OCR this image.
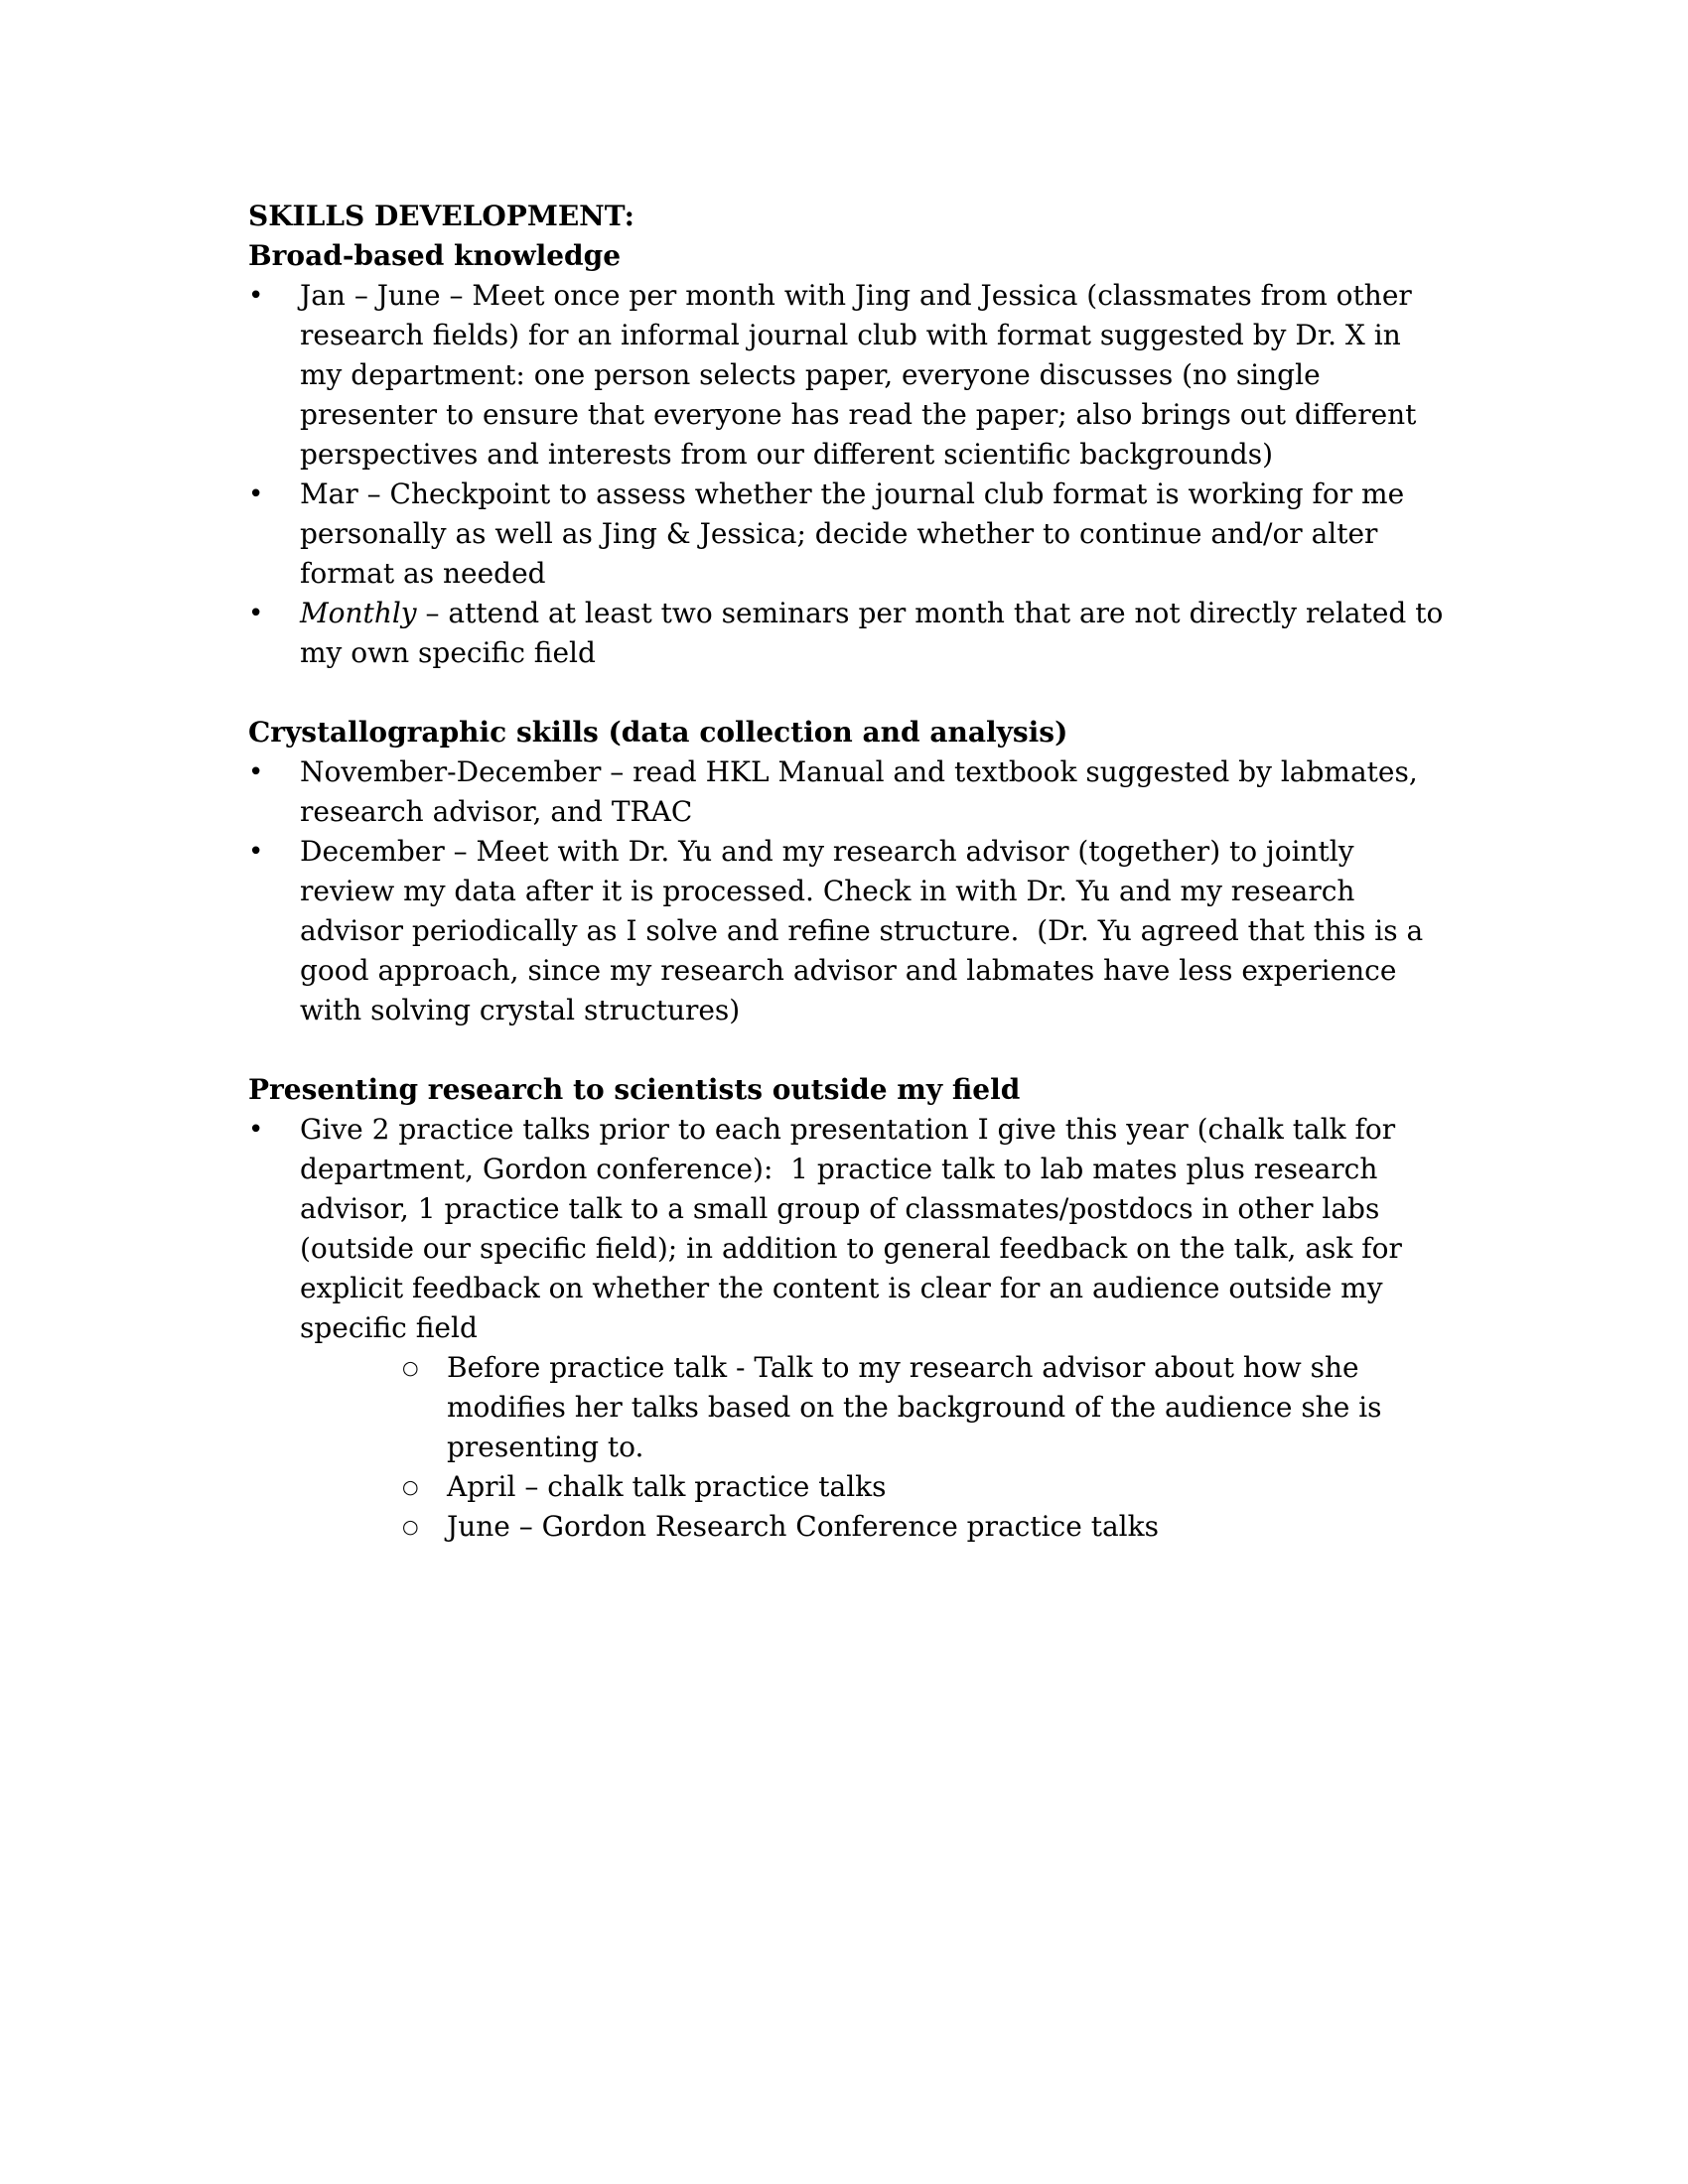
SKILLS DEVELOPMENT:
Broad-based knowledge
•	Jan – June – Meet once per month with Jing and Jessica (classmates from other
research fields) for an informal journal club with format suggested by Dr. X in
my department: one person selects paper, everyone discusses (no single
presenter to ensure that everyone has read the paper; also brings out different
perspectives and interests from our different scientific backgrounds)
•	Mar – Checkpoint to assess whether the journal club format is working for me
personally as well as Jing & Jessica; decide whether to continue and/or alter
format as needed
•	Monthly – attend at least two seminars per month that are not directly related to
my own specific field
Crystallographic skills (data collection and analysis)
•	November-December – read HKL Manual and textbook suggested by labmates,
research advisor, and TRAC
•	December – Meet with Dr. Yu and my research advisor (together) to jointly
review my data after it is processed. Check in with Dr. Yu and my research
advisor periodically as I solve and refine structure.  (Dr. Yu agreed that this is a
good approach, since my research advisor and labmates have less experience
with solving crystal structures)
Presenting research to scientists outside my field
•	Give 2 practice talks prior to each presentation I give this year (chalk talk for
department, Gordon conference):  1 practice talk to lab mates plus research
advisor, 1 practice talk to a small group of classmates/postdocs in other labs
(outside our specific field); in addition to general feedback on the talk, ask for
explicit feedback on whether the content is clear for an audience outside my
specific field
○	Before practice talk - Talk to my research advisor about how she
modifies her talks based on the background of the audience she is
presenting to.
○	April – chalk talk practice talks
○	June – Gordon Research Conference practice talks
